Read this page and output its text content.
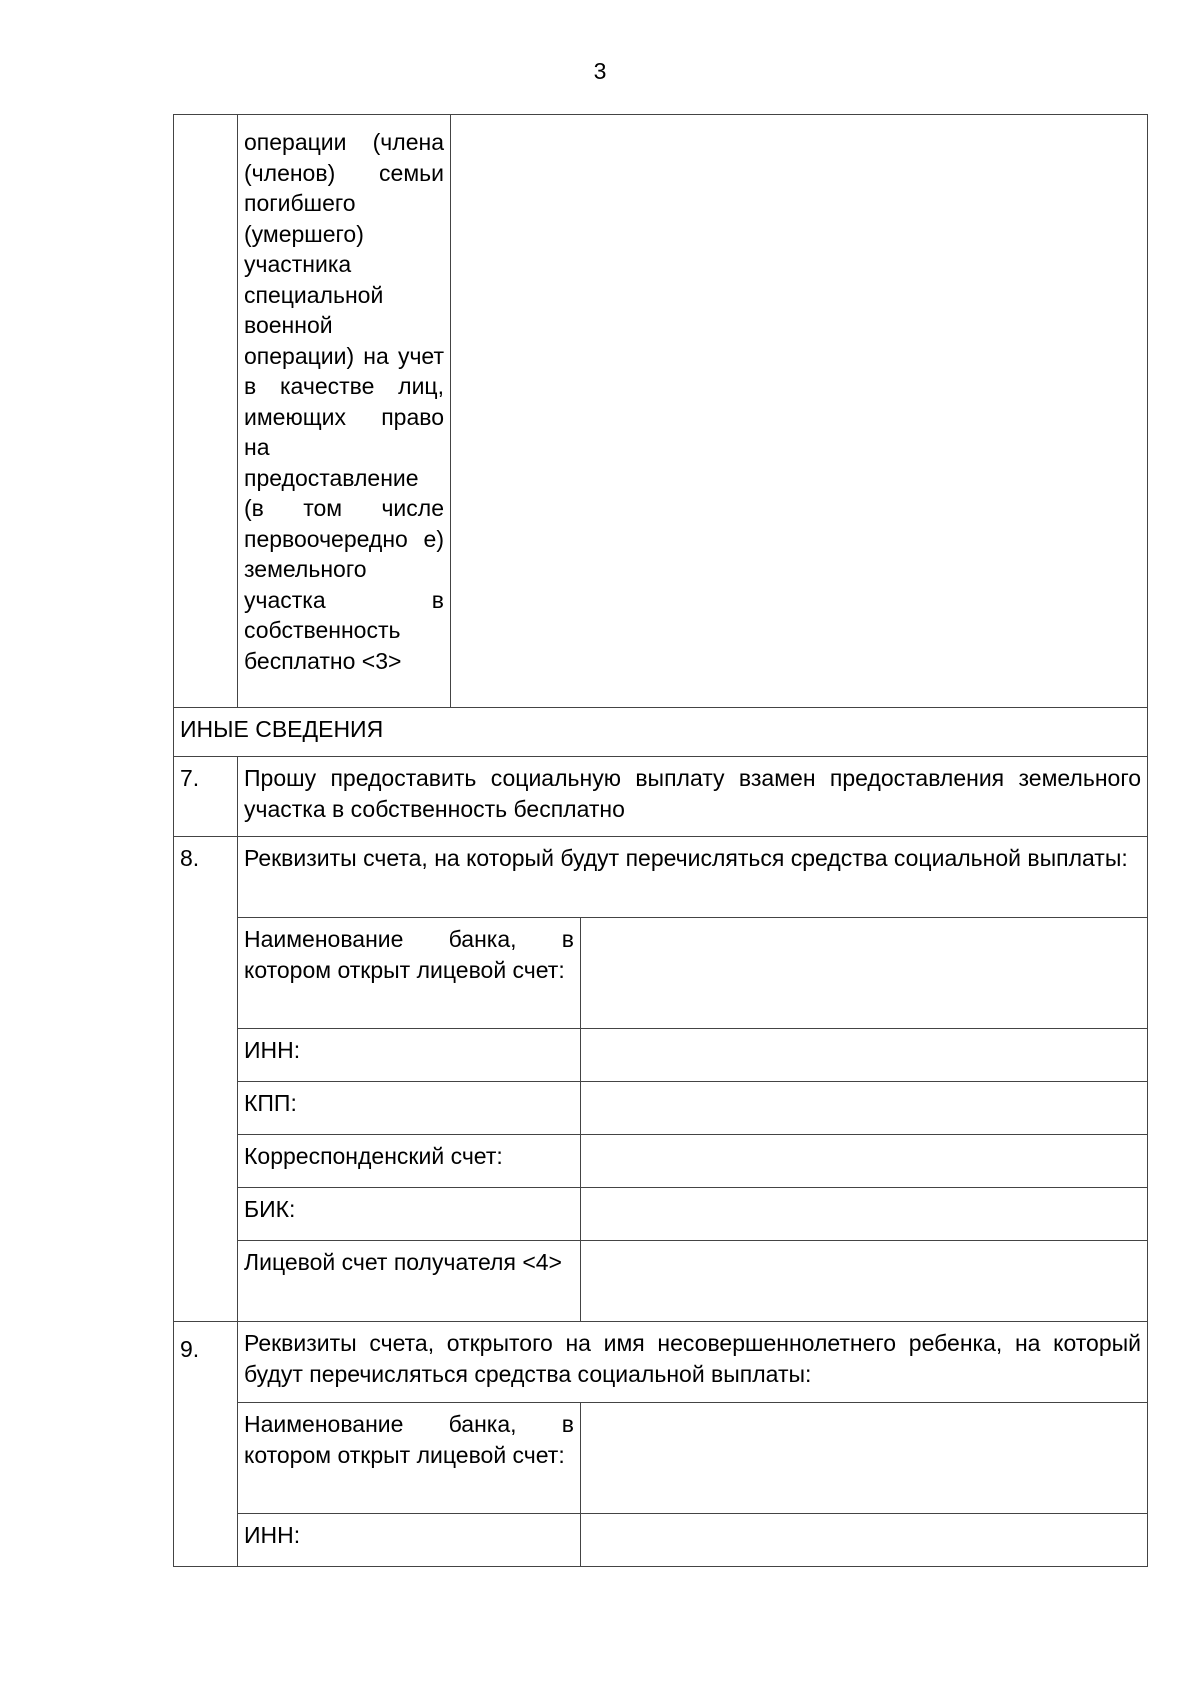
3
	операции (члена (членов) семьи погибшего (умершего) участника специальной военной операции) на учет в качестве лиц, имеющих право на предоставление (в том числе первоочередно е) земельного участка в собственность бесплатно <3>		
ИНЫЕ СВЕДЕНИЯ			
7.	Прошу предоставить социальную выплату взамен предоставления земельного участка в собственность бесплатно		
8.	Реквизиты счета, на который будут перечисляться средства социальной выплаты:		
	Наименование банка, в котором открыт лицевой счет:		
	ИНН:		
	КПП:		
	Корреспонденский счет:		
	БИК:		
	Лицевой счет получателя <4>		
9.	Реквизиты счета, открытого на имя несовершеннолетнего ребенка, на который будут перечисляться средства социальной выплаты:		
	Наименование банка, в котором открыт лицевой счет:		
	ИНН:		
